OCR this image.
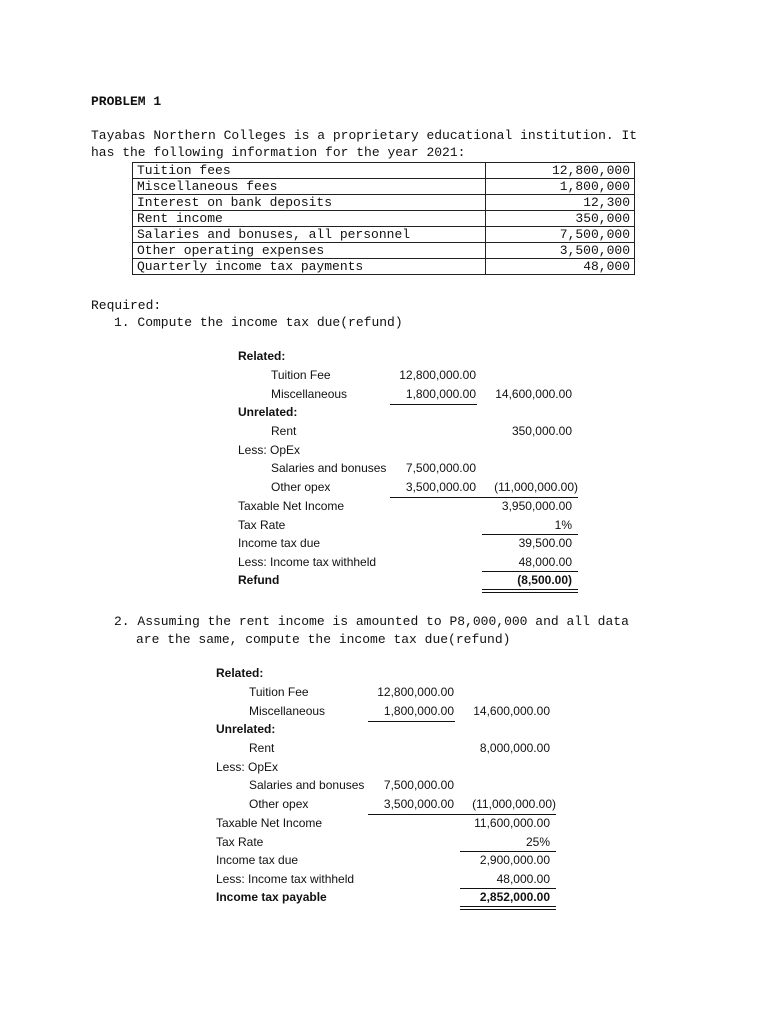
PROBLEM 1
Tayabas Northern Colleges is a proprietary educational institution. It
has the following information for the year 2021:
Tuition fees	12,800,000
Miscellaneous fees	1,800,000
Interest on bank deposits	12,300
Rent income	350,000
Salaries and bonuses, all personnel	7,500,000
Other operating expenses	3,500,000
Quarterly income tax payments	48,000
Required:
1. Compute the income tax due(refund)
Related:
Tuition Fee	12,800,000.00
Miscellaneous	1,800,000.00 14,600,000.00
Unrelated:
Rent	350,000.00
Less: OpEx
Salaries and bonuses 7,500,000.00
Other opex	3,500,000.00 (11,000,000.00)
Taxable Net Income	3,950,000.00
Tax Rate	1%
Income tax due	39,500.00
Less: Income tax withheld	48,000.00
Refund	(8,500.00)
2. Assuming the rent income is amounted to P8,000,000 and all data
are the same, compute the income tax due(refund)
Related:
Tuition Fee	12,800,000.00
Miscellaneous	1,800,000.00 14,600,000.00
Unrelated:
Rent	8,000,000.00
Less: OpEx
Salaries and bonuses 7,500,000.00
Other opex	3,500,000.00 (11,000,000.00)
Taxable Net Income	11,600,000.00
Tax Rate	25%
Income tax due	2,900,000.00
Less: Income tax withheld	48,000.00
Income tax payable	2,852,000.00
